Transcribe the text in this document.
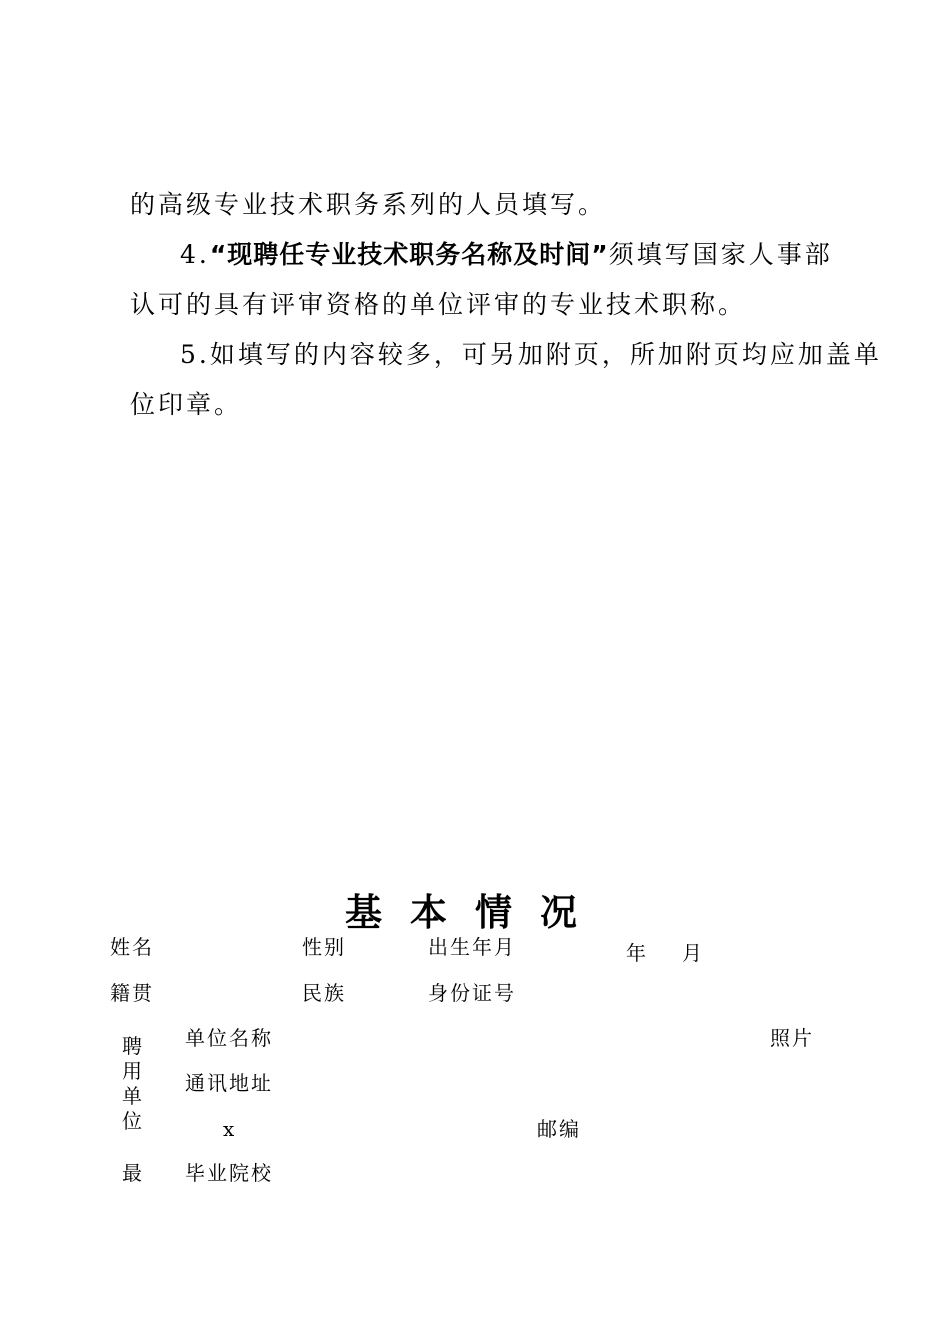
的高级专业技术职务系列的人员填写。
4.“现聘任专业技术职务名称及时间”须填写国家人事部
认可的具有评审资格的单位评审的专业技术职称。
5.如填写的内容较多，可另加附页，所加附页均应加盖单
位印章。
基本情况
姓名	性别	出生年月	年 月
籍贯	民族	身份证号
聘用单位
单位名称	照片
通讯地址
x	邮编
最 毕业院校
